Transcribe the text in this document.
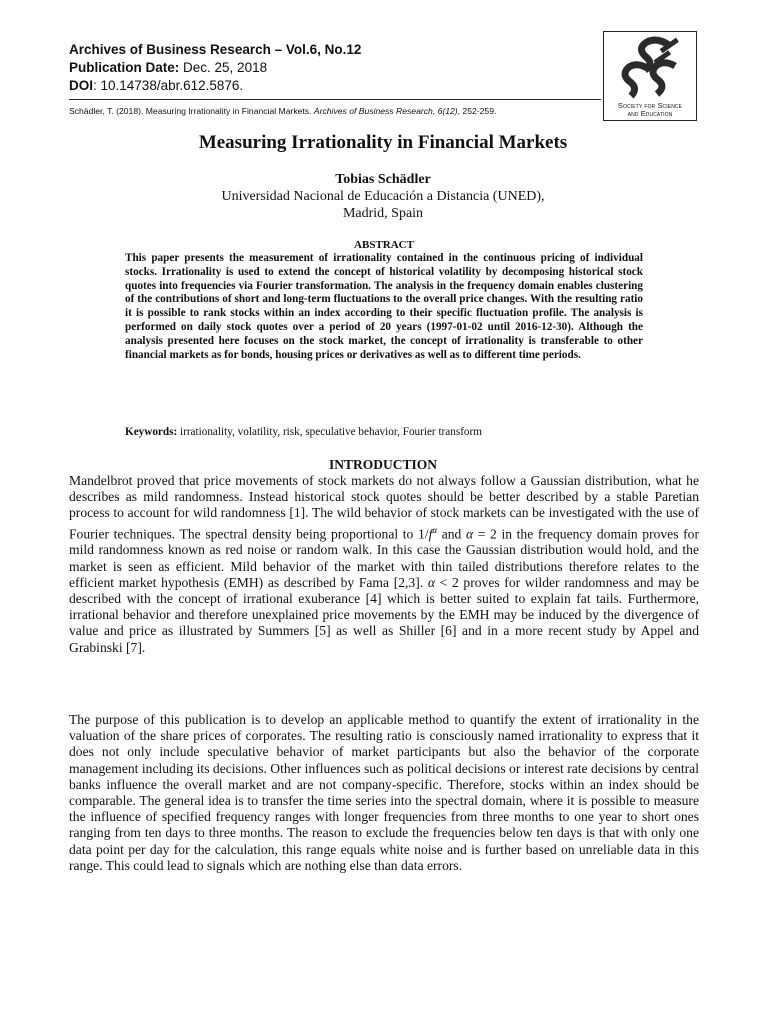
Archives of Business Research – Vol.6, No.12
Publication Date: Dec. 25, 2018
DOI: 10.14738/abr.612.5876.
Society for Science
and Education
Schädler, T. (2018). Measuring Irrationality in Financial Markets. Archives of Business Research, 6(12), 252-259.
Measuring Irrationality in Financial Markets
Tobias Schädler
Universidad Nacional de Educación a Distancia (UNED),
Madrid, Spain
ABSTRACT
This paper presents the measurement of irrationality contained in the continuous pricing of individual stocks. Irrationality is used to extend the concept of historical volatility by decomposing historical stock quotes into frequencies via Fourier transformation. The analysis in the frequency domain enables clustering of the contributions of short and long-term fluctuations to the overall price changes. With the resulting ratio it is possible to rank stocks within an index according to their specific fluctuation profile. The analysis is performed on daily stock quotes over a period of 20 years (1997-01-02 until 2016-12-30). Although the analysis presented here focuses on the stock market, the concept of irrationality is transferable to other financial markets as for bonds, housing prices or derivatives as well as to different time periods.
Keywords: irrationality, volatility, risk, speculative behavior, Fourier transform
INTRODUCTION

Mandelbrot proved that price movements of stock markets do not always follow a Gaussian distribution, what he describes as mild randomness. Instead historical stock quotes should be better described by a stable Paretian process to account for wild randomness [1]. The wild behavior of stock markets can be investigated with the use of Fourier techniques. The spectral density being proportional to $1/f^\alpha$ and α = 2 in the frequency domain proves for mild randomness known as red noise or random walk. In this case the Gaussian distribution would hold, and the market is seen as efficient. Mild behavior of the market with thin tailed distributions therefore relates to the efficient market hypothesis (EMH) as described by Fama [2,3]. α < 2 proves for wilder randomness and may be described with the concept of irrational exuberance [4] which is better suited to explain fat tails. Furthermore, irrational behavior and therefore unexplained price movements by the EMH may be induced by the divergence of value and price as illustrated by Summers [5] as well as Shiller [6] and in a more recent study by Appel and Grabinski [7].

The purpose of this publication is to develop an applicable method to quantify the extent of irrationality in the valuation of the share prices of corporates. The resulting ratio is consciously named irrationality to express that it does not only include speculative behavior of market participants but also the behavior of the corporate management including its decisions. Other influences such as political decisions or interest rate decisions by central banks influence the overall market and are not company-specific. Therefore, stocks within an index should be comparable. The general idea is to transfer the time series into the spectral domain, where it is possible to measure the influence of specified frequency ranges with longer frequencies from three months to one year to short ones ranging from ten days to three months. The reason to exclude the frequencies below ten days is that with only one data point per day for the calculation, this range equals white noise and is further based on unreliable data in this range. This could lead to signals which are nothing else than data errors.
